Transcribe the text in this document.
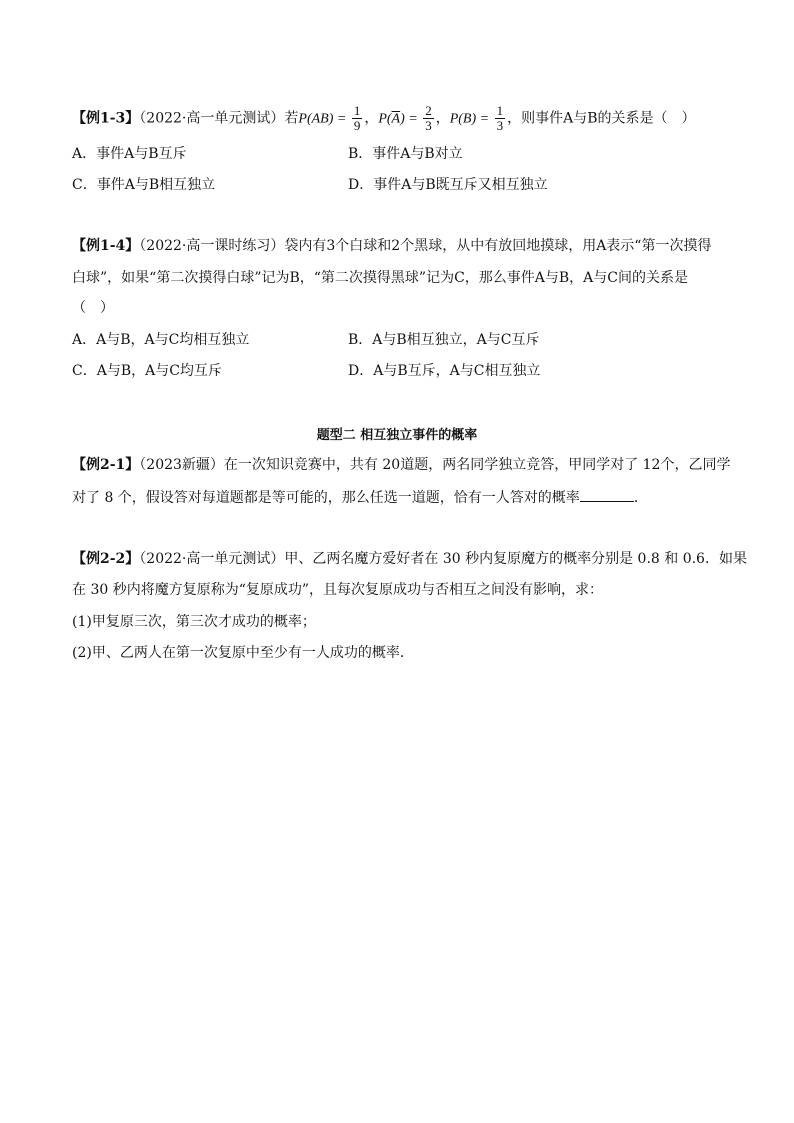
【例1-3】（2022·高一单元测试）若$P(AB) = \frac{1}{9}$ ，$P(\overline{A}) = \frac{2}{3}$ ，$P(B) = \frac{1}{3}$ ，则事件A与B的关系是（　）
A．事件A与B互斥	B．事件A与B对立
C．事件A与B相互独立	D．事件A与B既互斥又相互独立
【例1-4】（2022·高一课时练习）袋内有3个白球和2个黑球，从中有放回地摸球，用A表示“第一次摸得
白球”，如果“第二次摸得白球”记为B，“第二次摸得黑球”记为C，那么事件A与B，A与C间的关系是
（　）
A．A与B，A与C均相互独立	B．A与B相互独立，A与C互斥
C．A与B，A与C均互斥	D．A与B互斥，A与C相互独立
题型二 相互独立事件的概率
【例2-1】（2023新疆）在一次知识竞赛中，共有 20道题，两名同学独立竞答，甲同学对了 12个，乙同学
对了 8 个，假设答对每道题都是等可能的，那么任选一道题，恰有一人答对的概率	．
【例2-2】（2022·高一单元测试）甲、乙两名魔方爱好者在 30 秒内复原魔方的概率分别是 0.8 和 0.6．如果
在 30 秒内将魔方复原称为“复原成功”，且每次复原成功与否相互之间没有影响，求：
(1)甲复原三次，第三次才成功的概率；
(2)甲、乙两人在第一次复原中至少有一人成功的概率．
